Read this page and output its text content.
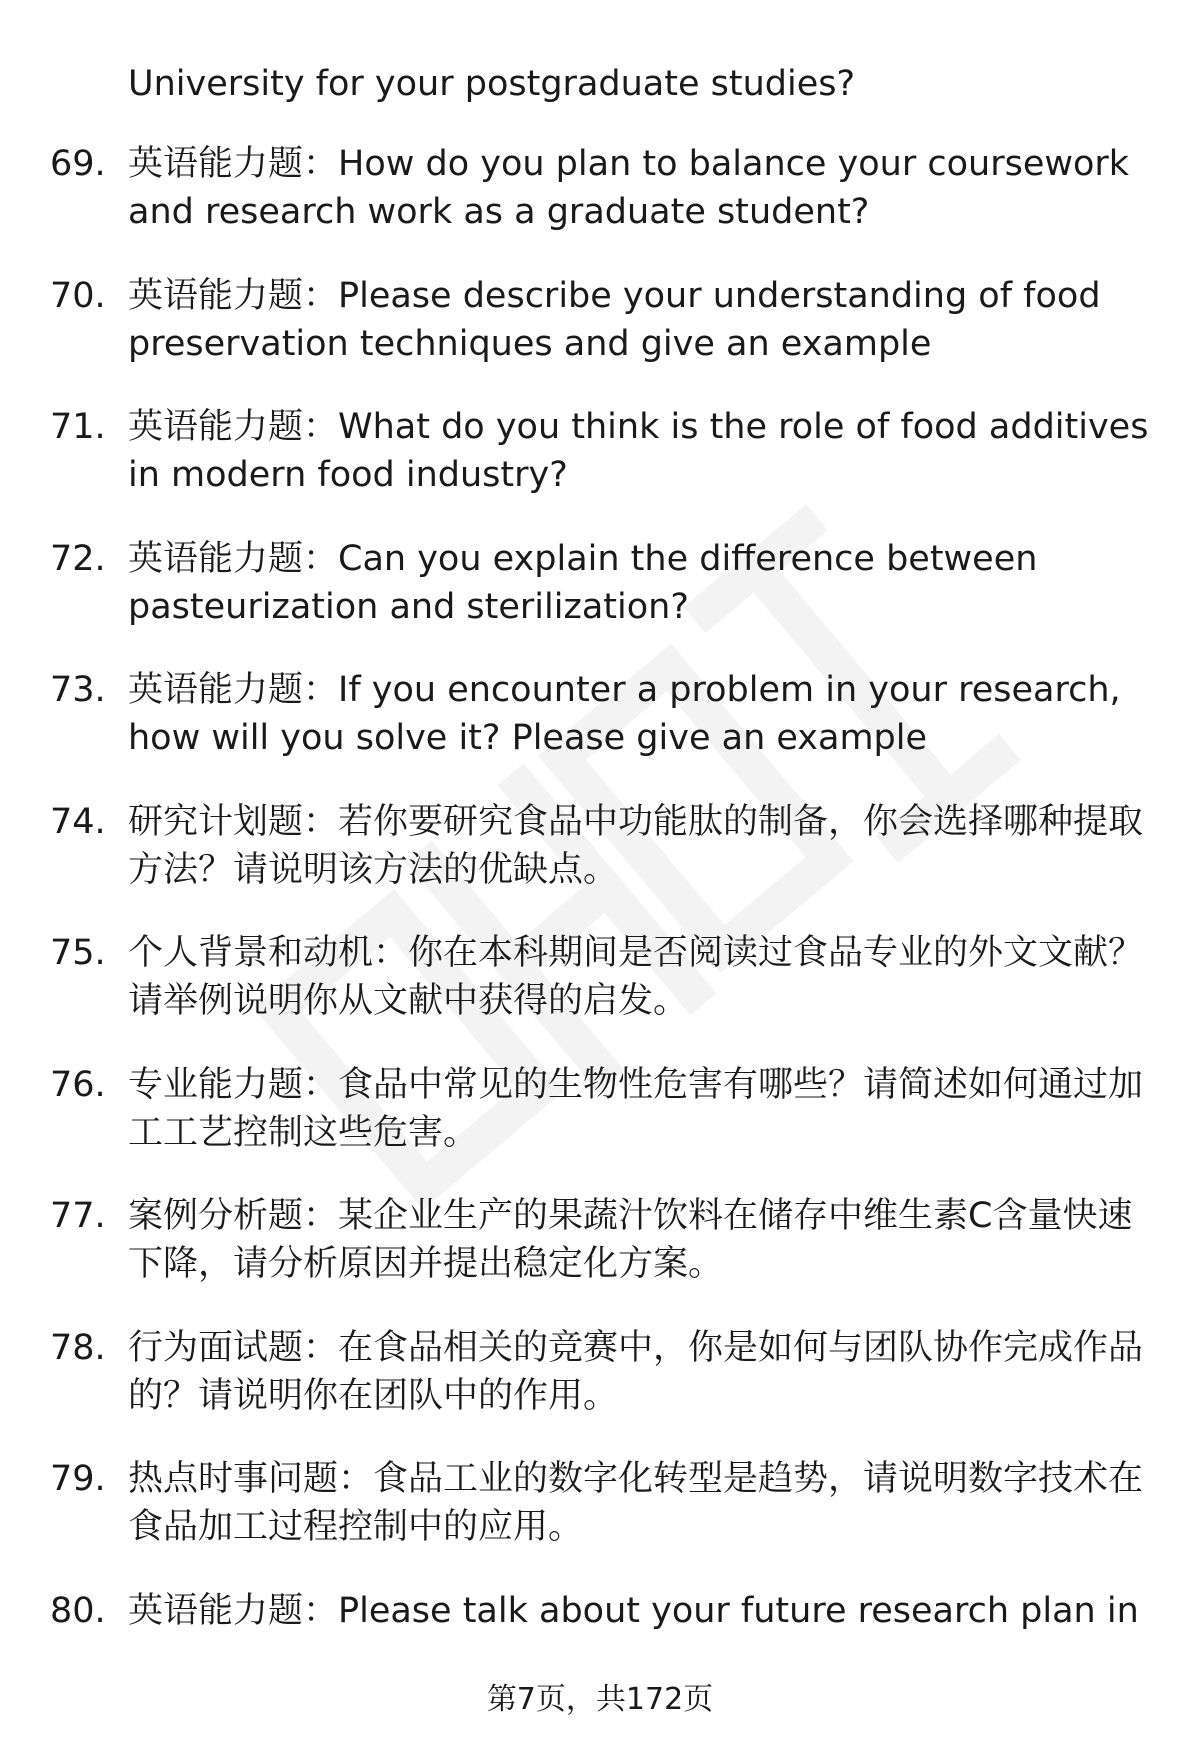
University for your postgraduate studies?
69. 英语能力题：How do you plan to balance your coursework and research work as a graduate student?
70. 英语能力题：Please describe your understanding of food preservation techniques and give an example
71. 英语能力题：What do you think is the role of food additives in modern food industry?
72. 英语能力题：Can you explain the difference between pasteurization and sterilization?
73. 英语能力题：If you encounter a problem in your research, how will you solve it? Please give an example
74. 研究计划题：若你要研究食品中功能肽的制备，你会选择哪种提取方法？请说明该方法的优缺点。
75. 个人背景和动机：你在本科期间是否阅读过食品专业的外文文献？请举例说明你从文献中获得的启发。
76. 专业能力题：食品中常见的生物性危害有哪些？请简述如何通过加工工艺控制这些危害。
77. 案例分析题：某企业生产的果蔬汁饮料在储存中维生素C含量快速下降，请分析原因并提出稳定化方案。
78. 行为面试题：在食品相关的竞赛中，你是如何与团队协作完成作品的？请说明你在团队中的作用。
79. 热点时事问题：食品工业的数字化转型是趋势，请说明数字技术在食品加工过程控制中的应用。
80. 英语能力题：Please talk about your future research plan in
第7页，共172页
